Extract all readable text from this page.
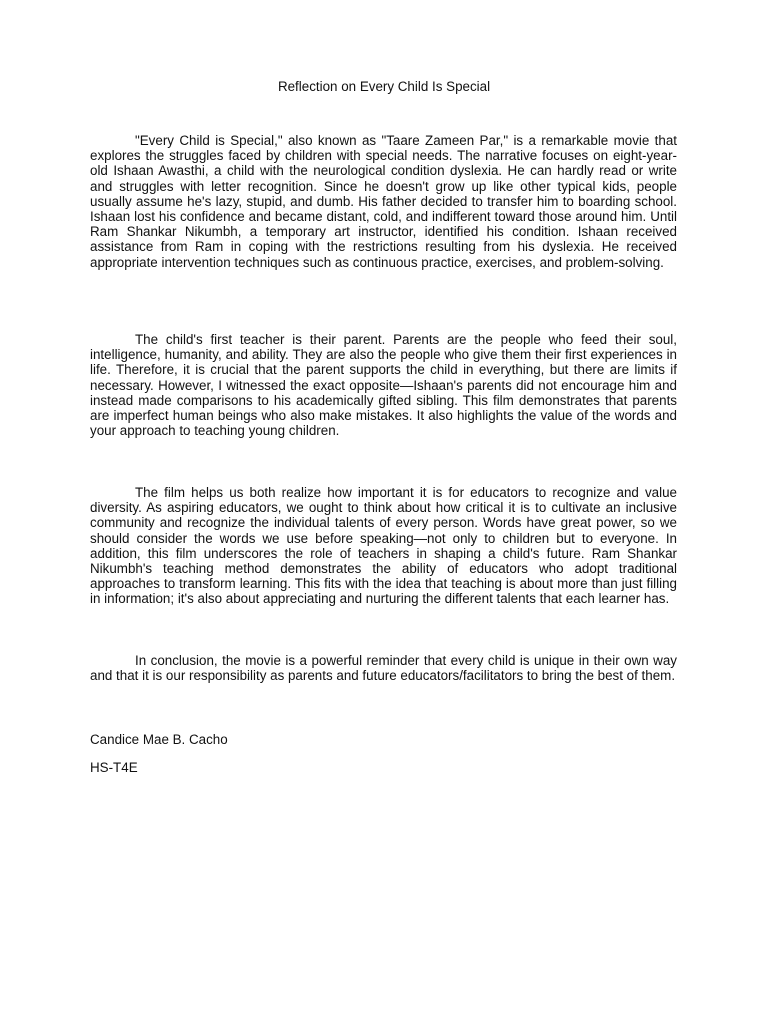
Reflection on Every Child Is Special

"Every Child is Special," also known as "Taare Zameen Par," is a remarkable movie that explores the struggles faced by children with special needs. The narrative focuses on eight-year-old Ishaan Awasthi, a child with the neurological condition dyslexia. He can hardly read or write and struggles with letter recognition. Since he doesn't grow up like other typical kids, people usually assume he's lazy, stupid, and dumb. His father decided to transfer him to boarding school. Ishaan lost his confidence and became distant, cold, and indifferent toward those around him. Until Ram Shankar Nikumbh, a temporary art instructor, identified his condition. Ishaan received assistance from Ram in coping with the restrictions resulting from his dyslexia. He received appropriate intervention techniques such as continuous practice, exercises, and problem-solving.

The child's first teacher is their parent. Parents are the people who feed their soul, intelligence, humanity, and ability. They are also the people who give them their first experiences in life. Therefore, it is crucial that the parent supports the child in everything, but there are limits if necessary. However, I witnessed the exact opposite—Ishaan's parents did not encourage him and instead made comparisons to his academically gifted sibling. This film demonstrates that parents are imperfect human beings who also make mistakes. It also highlights the value of the words and your approach to teaching young children.

The film helps us both realize how important it is for educators to recognize and value diversity. As aspiring educators, we ought to think about how critical it is to cultivate an inclusive community and recognize the individual talents of every person. Words have great power, so we should consider the words we use before speaking—not only to children but to everyone. In addition, this film underscores the role of teachers in shaping a child's future. Ram Shankar Nikumbh's teaching method demonstrates the ability of educators who adopt traditional approaches to transform learning. This fits with the idea that teaching is about more than just filling in information; it's also about appreciating and nurturing the different talents that each learner has.

In conclusion, the movie is a powerful reminder that every child is unique in their own way and that it is our responsibility as parents and future educators/facilitators to bring the best of them.

Candice Mae B. Cacho

HS-T4E
